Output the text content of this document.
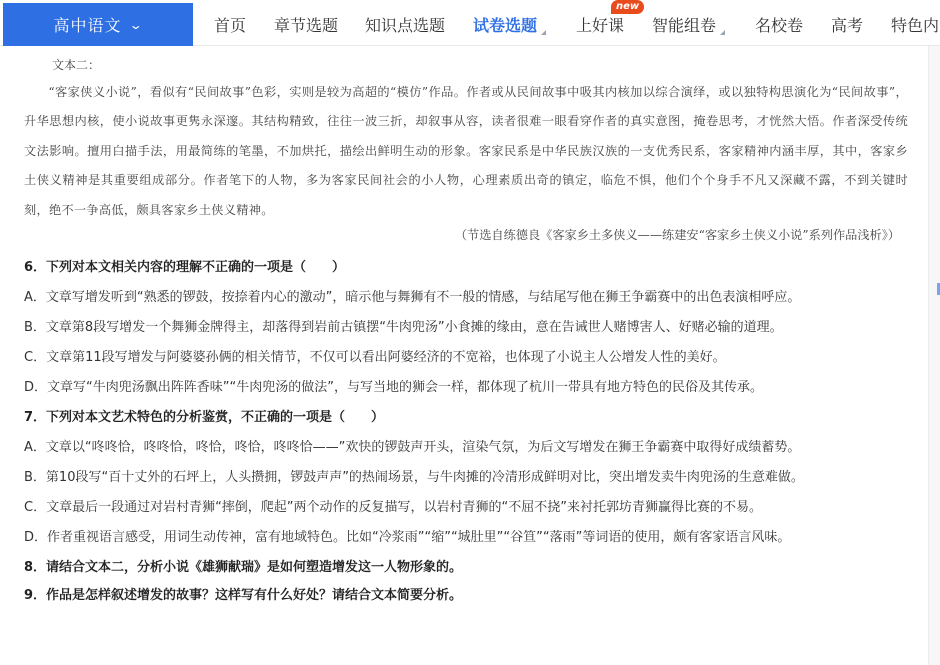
高中语文 ⌄	首页 章节选题 知识点选题 试卷选题 上好课
new
智能组卷 名校卷 高考 特色内
文本二：

“客家侠义小说”，看似有“民间故事”色彩，实则是较为高超的“模仿”作品。作者或从民间故事中吸其内核加以综合演绎，或以独特构思演化为“民间故事”，升华思想内核，使小说故事更隽永深邃。其结构精致，往往一波三折，却叙事从容，读者很难一眼看穿作者的真实意图，掩卷思考，才恍然大悟。作者深受传统文法影响。擅用白描手法，用最简练的笔墨，不加烘托，描绘出鲜明生动的形象。客家民系是中华民族汉族的一支优秀民系，客家精神内涵丰厚，其中，客家乡土侠义精神是其重要组成部分。作者笔下的人物，多为客家民间社会的小人物，心理素质出奇的镇定，临危不惧，他们个个身手不凡又深藏不露，不到关键时刻，绝不一争高低，颇具客家乡土侠义精神。

（节选自练德良《客家乡土多侠义——练建安“客家乡土侠义小说”系列作品浅析》）
6．下列对本文相关内容的理解不正确的一项是（　　）
A．文章写增发听到“熟悉的锣鼓，按捺着内心的激动”，暗示他与舞狮有不一般的情感，与结尾写他在狮王争霸赛中的出色表演相呼应。
B．文章第8段写增发一个舞狮金牌得主，却落得到岩前古镇摆“牛肉兜汤”小食摊的缘由，意在告诫世人赌博害人、好赌必输的道理。
C．文章第11段写增发与阿婆婆孙俩的相关情节，不仅可以看出阿婆经济的不宽裕，也体现了小说主人公增发人性的美好。
D．文章写“牛肉兜汤飘出阵阵香味”“牛肉兜汤的做法”，与写当地的狮会一样，都体现了杭川一带具有地方特色的民俗及其传承。
7．下列对本文艺术特色的分析鉴赏，不正确的一项是（　　）
A．文章以“咚咚恰，咚咚恰，咚恰，咚恰，咚咚恰——”欢快的锣鼓声开头，渲染气氛，为后文写增发在狮王争霸赛中取得好成绩蓄势。
B．第10段写“百十丈外的石坪上，人头攒拥，锣鼓声声”的热闹场景，与牛肉摊的冷清形成鲜明对比，突出增发卖牛肉兜汤的生意难做。
C．文章最后一段通过对岩村青狮“摔倒，爬起”两个动作的反复描写，以岩村青狮的“不屈不挠”来衬托郭坊青狮赢得比赛的不易。
D．作者重视语言感受，用词生动传神，富有地域特色。比如“冷浆雨”“缩”“城肚里”“谷笪”“落雨”等词语的使用，颇有客家语言风味。
8．请结合文本二，分析小说《雄狮献瑞》是如何塑造增发这一人物形象的。
9．作品是怎样叙述增发的故事？这样写有什么好处？请结合文本简要分析。
